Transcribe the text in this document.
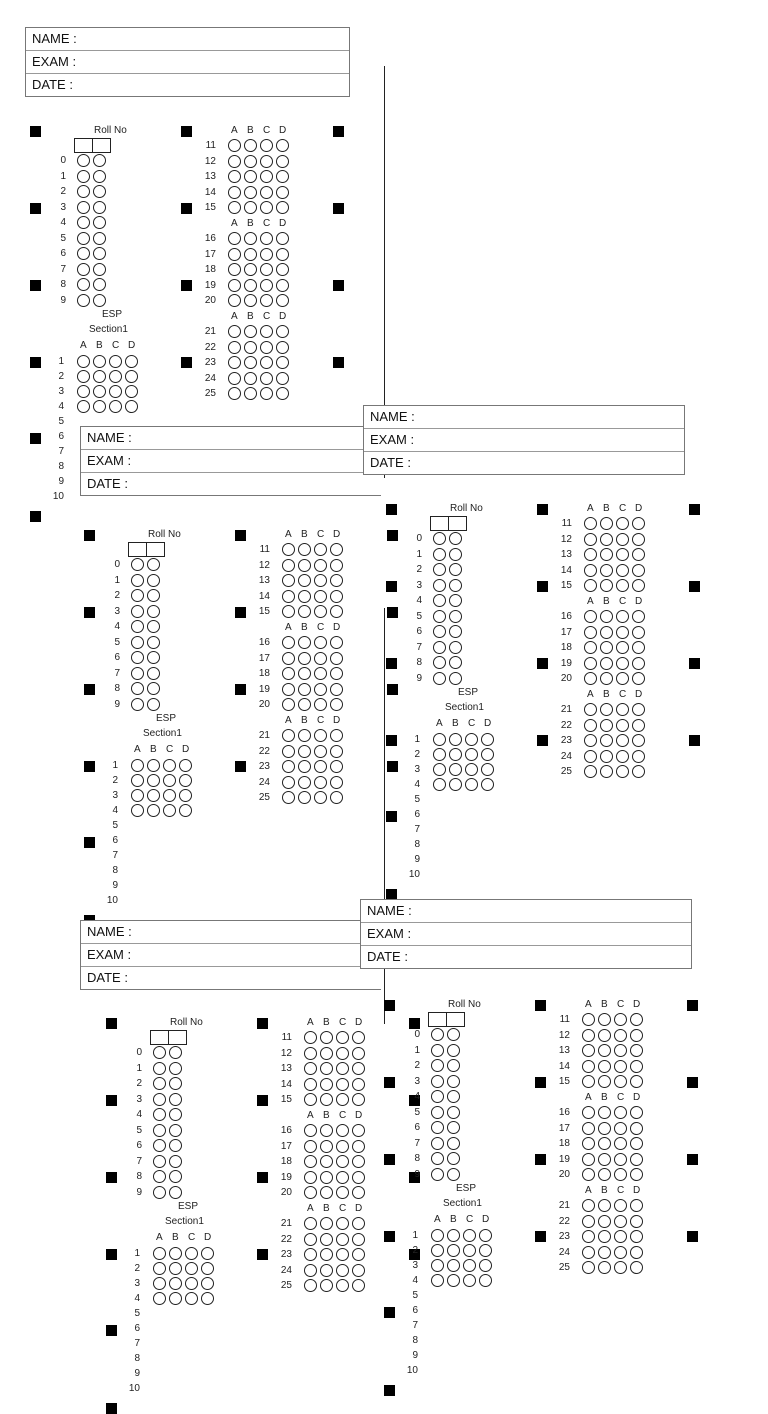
NAME :
EXAM :
DATE :
Roll No
0
1
2
3
4
5
6
7
8
9
ESP
Section1
A B C D
1
2
3
4
5
6
7
8
9
10
A B C D
A B C D
A B C D
11
12
13
14
15
16
17
18
19
20
21
22
23
24
25
NAME :
EXAM :
DATE :
Roll No
0
1
2
3
4
5
6
7
8
9
ESP
Section1
A B C D
1
2
3
4
5
6
7
8
9
10
A B C D
A B C D
A B C D
11
12
13
14
15
16
17
18
19
20
21
22
23
24
25
NAME :
EXAM :
DATE :
Roll No
0
1
2
3
4
5
6
7
8
9
ESP
Section1
A B C D
1
2
3
4
5
6
7
8
9
10
A B C D
A B C D
A B C D
11
12
13
14
15
16
17
18
19
20
21
22
23
24
25
NAME :
EXAM :
DATE :
Roll No
0
1
2
3
4
5
6
7
8
9
ESP
Section1
A B C D
1
2
3
4
5
6
7
8
9
10
A B C D
A B C D
A B C D
11
12
13
14
15
16
17
18
19
20
21
22
23
24
25
NAME :
EXAM :
DATE :
Roll No
0
1
2
3
4
5
6
7
8
9
ESP
Section1
A B C D
1
2
3
4
5
6
7
8
9
10
A B C D
A B C D
A B C D
11
12
13
14
15
16
17
18
19
20
21
22
23
24
25
